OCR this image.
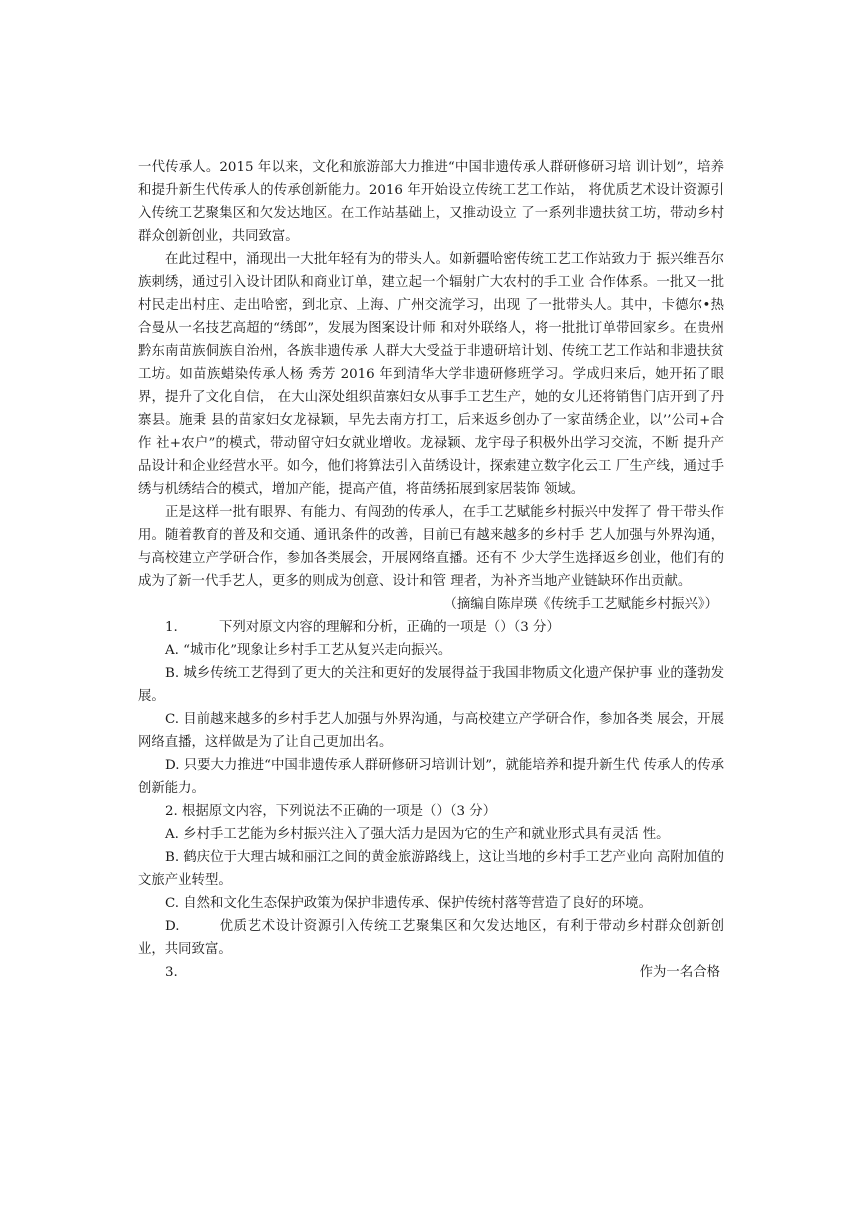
一代传承人。2015 年以来，文化和旅游部大力推进“中国非遗传承人群研修研习培 训计划”，培养和提升新生代传承人的传承创新能力。2016 年开始设立传统工艺工作站， 将优质艺术设计资源引入传统工艺聚集区和欠发达地区。在工作站基础上，又推动设立 了一系列非遗扶贫工坊，带动乡村群众创新创业，共同致富。

在此过程中，涌现出一大批年轻有为的带头人。如新疆哈密传统工艺工作站致力于 振兴维吾尔族刺绣，通过引入设计团队和商业订单，建立起一个辐射广大农村的手工业 合作体系。一批又一批村民走出村庄、走出哈密，到北京、上海、广州交流学习，出现 了一批带头人。其中，卡德尔•热合曼从一名技艺高超的“绣郎”，发展为图案设计师 和对外联络人，将一批批订单带回家乡。在贵州黔东南苗族侗族自治州，各族非遗传承 人群大大受益于非遗研培计划、传统工艺工作站和非遗扶贫工坊。如苗族蜡染传承人杨 秀芳 2016 年到清华大学非遗研修班学习。学成归来后，她开拓了眼界，提升了文化自信， 在大山深处组织苗寨妇女从事手工艺生产，她的女儿还将销售门店开到了丹寨县。施秉 县的苗家妇女龙禄颖，早先去南方打工，后来返乡创办了一家苗绣企业，以’’公司+合作 社+农户”的模式，带动留守妇女就业增收。龙禄颖、龙宇母子积极外出学习交流，不断 提升产品设计和企业经营水平。如今，他们将算法引入苗绣设计，探索建立数字化云工 厂生产线，通过手绣与机绣结合的模式，增加产能，提高产值，将苗绣拓展到家居装饰 领域。

正是这样一批有眼界、有能力、有闯劲的传承人，在手工艺赋能乡村振兴中发挥了 骨干带头作用。随着教育的普及和交通、通讯条件的改善，目前已有越来越多的乡村手 艺人加强与外界沟通，与高校建立产学研合作，参加各类展会，开展网络直播。还有不 少大学生选择返乡创业，他们有的成为了新一代手艺人，更多的则成为创意、设计和管 理者，为补齐当地产业链缺环作出贡献。

（摘编自陈岸瑛《传统手工艺赋能乡村振兴》）

1.	下列对原文内容的理解和分析，正确的一项是（）（3 分）

A. “城市化”现象让乡村手工艺从复兴走向振兴。

B. 城乡传统工艺得到了更大的关注和更好的发展得益于我国非物质文化遗产保护事 业的蓬勃发展。

C. 目前越来越多的乡村手艺人加强与外界沟通，与高校建立产学研合作，参加各类 展会，开展网络直播，这样做是为了让自己更加出名。

D. 只要大力推进“中国非遗传承人群研修研习培训计划”，就能培养和提升新生代 传承人的传承创新能力。

2. 根据原文内容，下列说法不正确的一项是（）（3 分）

A. 乡村手工艺能为乡村振兴注入了强大活力是因为它的生产和就业形式具有灵活 性。

B. 鹤庆位于大理古城和丽江之间的黄金旅游路线上，这让当地的乡村手工艺产业向 高附加值的文旅产业转型。

C. 自然和文化生态保护政策为保护非遗传承、保护传统村落等营造了良好的环境。

D.	优质艺术设计资源引入传统工艺聚集区和欠发达地区，有利于带动乡村群众创新创业，共同致富。

3.	作为一名合格
